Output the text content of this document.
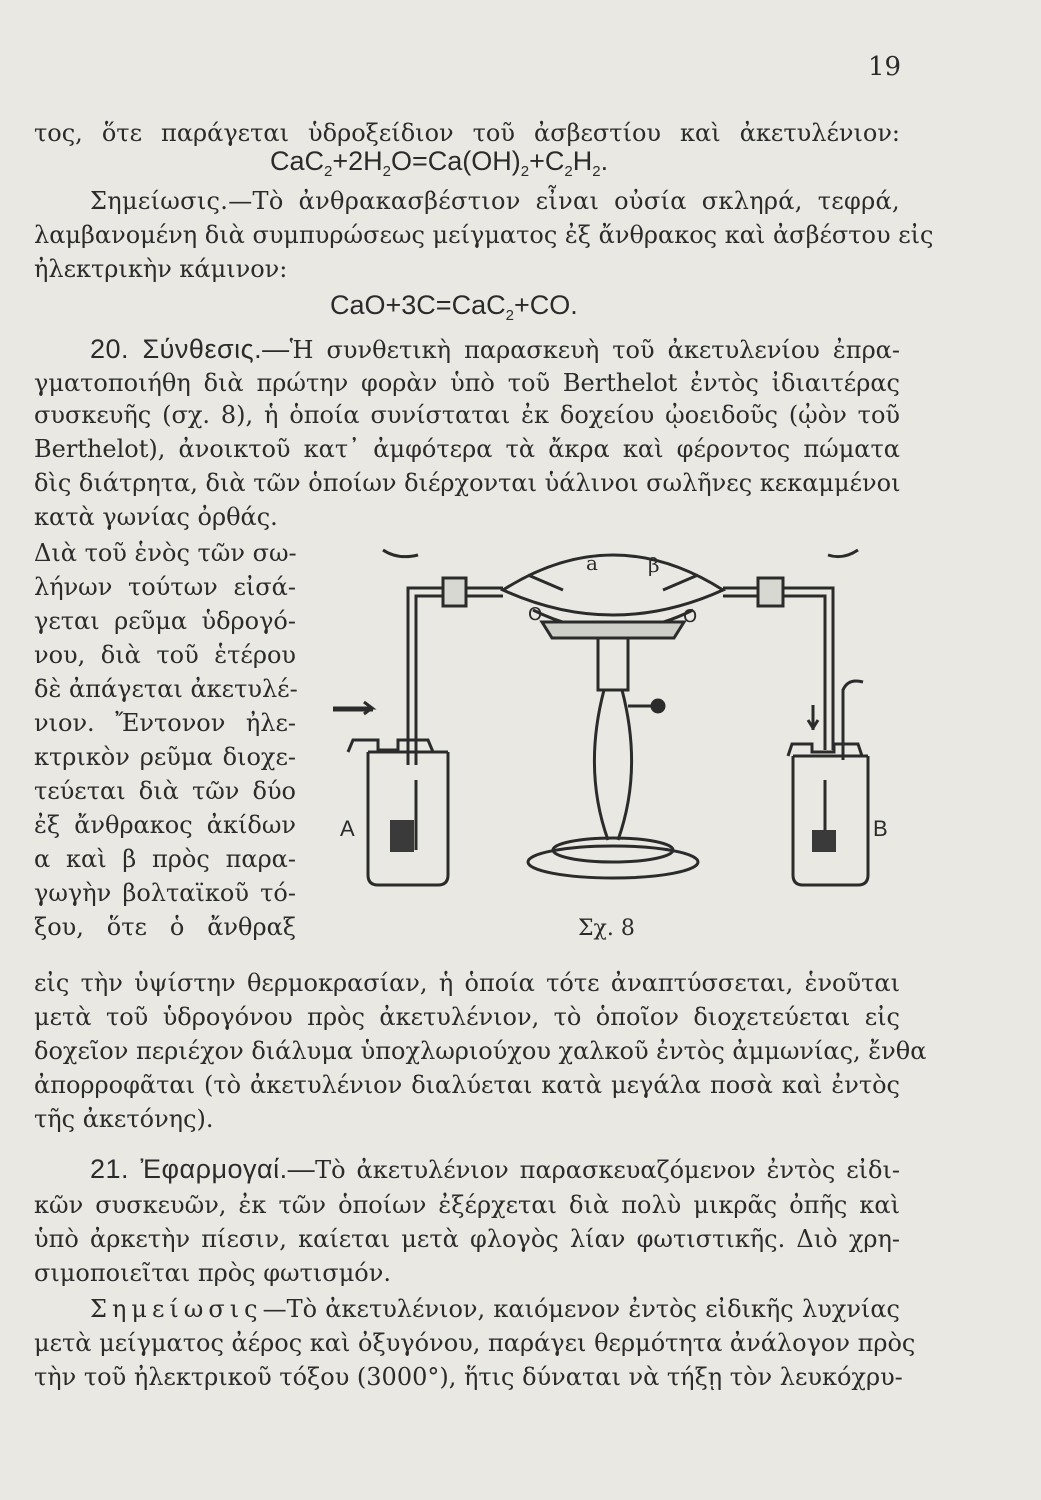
19
τος, ὅτε παράγεται ὑδροξείδιον τοῦ ἀσβεστίου καὶ ἀκετυλένιον:
$CaC_2+2H_2O=Ca(OH)_2+C_2H_2$.
Σημείωσις.—Τὸ ἀνθρακασβέστιον εἶναι οὐσία σκληρά, τεφρά,
λαμβανομένη διὰ συμπυρώσεως μείγματος ἐξ ἄνθρακος καὶ ἀσβέστου εἰς
ἠλεκτρικὴν κάμινον:
CaO+3C=CaC$_2$+CO.
20. Σύνθεσις.—Ἡ συνθετικὴ παρασκευὴ τοῦ ἀκετυλενίου ἐπρα-
γματοποιήθη διὰ πρώτην φορὰν ὑπὸ τοῦ Berthelot ἐντὸς ἰδιαιτέρας
συσκευῆς (σχ. 8), ἡ ὁποία συνίσταται ἐκ δοχείου ᾠοειδοῦς (ᾠὸν τοῦ
Berthelot), ἀνοικτοῦ κατ᾽ ἀμφότερα τὰ ἄκρα καὶ φέροντος πώματα
δὶς διάτρητα, διὰ τῶν ὁποίων διέρχονται ὑάλινοι σωλῆνες κεκαμμένοι
κατὰ γωνίας ὀρθάς.
Διὰ τοῦ ἑνὸς τῶν σω-
λήνων τούτων εἰσά-
γεται ρεῦμα ὑδρογό-
νου, διὰ τοῦ ἑτέρου
δὲ ἀπάγεται ἀκετυλέ-
νιον. Ἔντονον ἠλε-
κτρικὸν ρεῦμα διοχε-
τεύεται διὰ τῶν δύο
ἐξ ἄνθρακος ἀκίδων
α καὶ β πρὸς παρα-
γωγὴν βολταϊκοῦ τό-
ξου, ὅτε ὁ ἄνθραξ
a	β
O	O
A	B
Σχ. 8
εἰς τὴν ὑψίστην θερμοκρασίαν, ἡ ὁποία τότε ἀναπτύσσεται, ἑνοῦται
μετὰ τοῦ ὑδρογόνου πρὸς ἀκετυλένιον, τὸ ὁποῖον διοχετεύεται εἰς
δοχεῖον περιέχον διάλυμα ὑποχλωριούχου χαλκοῦ ἐντὸς ἀμμωνίας, ἔνθα
ἀπορροφᾶται (τὸ ἀκετυλένιον διαλύεται κατὰ μεγάλα ποσὰ καὶ ἐντὸς
τῆς ἀκετόνης).
21. Ἐφαρμογαί.—Τὸ ἀκετυλένιον παρασκευαζόμενον ἐντὸς εἰδι-
κῶν συσκευῶν, ἐκ τῶν ὁποίων ἐξέρχεται διὰ πολὺ μικρᾶς ὀπῆς καὶ
ὑπὸ ἀρκετὴν πίεσιν, καίεται μετὰ φλογὸς λίαν φωτιστικῆς. Διὸ χρη-
σιμοποιεῖται πρὸς φωτισμόν.
Σημείωσις—Τὸ ἀκετυλένιον, καιόμενον ἐντὸς εἰδικῆς λυχνίας
μετὰ μείγματος ἀέρος καὶ ὀξυγόνου, παράγει θερμότητα ἀνάλογον πρὸς
τὴν τοῦ ἠλεκτρικοῦ τόξου (3000°), ἥτις δύναται νὰ τήξῃ τὸν λευκόχρυ-
